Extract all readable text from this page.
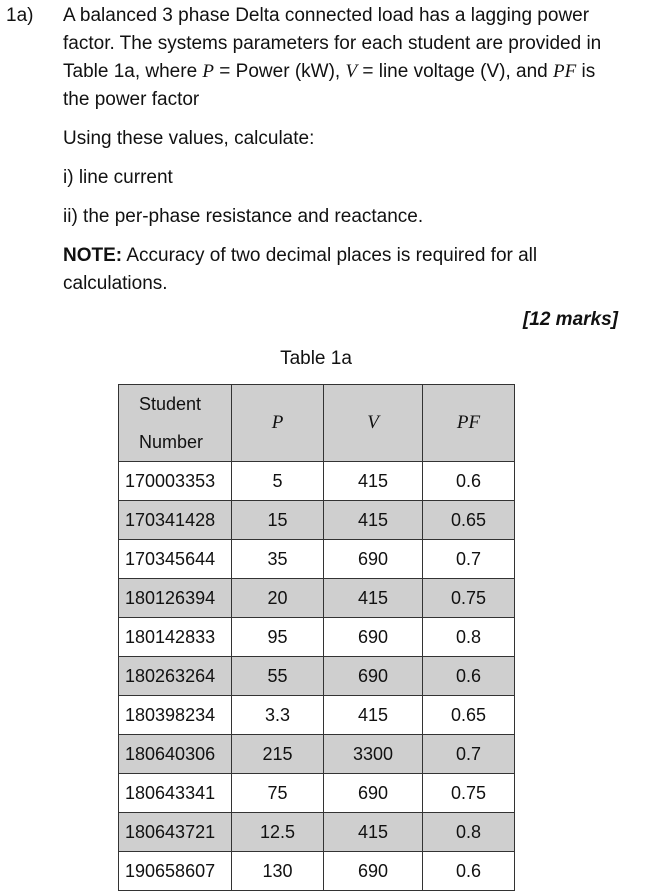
1a) A balanced 3 phase Delta connected load has a lagging power factor. The systems parameters for each student are provided in Table 1a, where P = Power (kW), V = line voltage (V), and PF is the power factor

Using these values, calculate:

i) line current

ii) the per-phase resistance and reactance.

NOTE: Accuracy of two decimal places is required for all calculations.

[12 marks]
Table 1a
Student
Number	P	V	PF
170003353	5	415	0.6
170341428	15	415	0.65
170345644	35	690	0.7
180126394	20	415	0.75
180142833	95	690	0.8
180263264	55	690	0.6
180398234	3.3	415	0.65
180640306	215	3300	0.7
180643341	75	690	0.75
180643721	12.5	415	0.8
190658607	130	690	0.6
